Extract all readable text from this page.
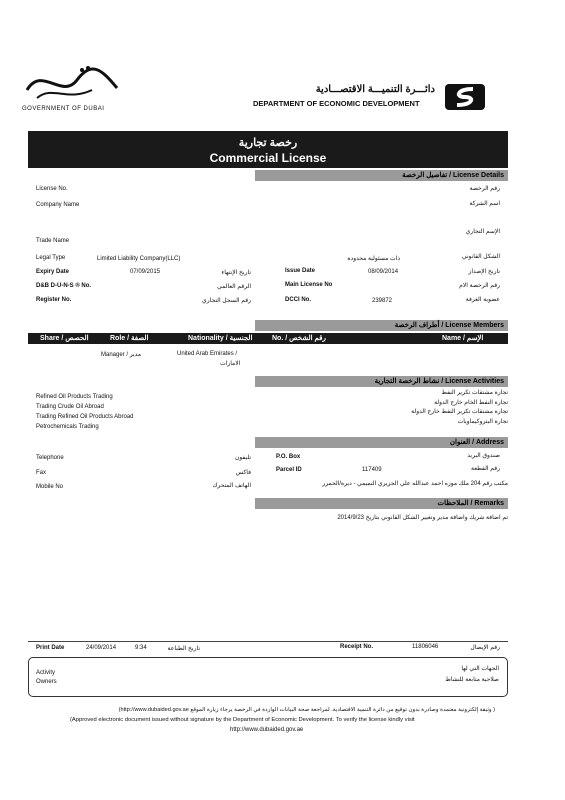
GOVERNMENT OF DUBAI
دائـــرة التنميـــة الاقتصـــادية
DEPARTMENT OF ECONOMIC DEVELOPMENT
رخصة تجارية
Commercial License
تفاصيل الرخصة / License Details
License No.	رقم الرخصة
Company Name	اسم الشركة
الإسم التجاري
Trade Name
Legal Type	Limited Liability Company(LLC)	ذات مسئولية محدودة	الشكل القانوني
Expiry Date	07/09/2015	تاريخ الإنتهاء	Issue Date	08/09/2014	تاريخ الإصدار
D&B D-U-N-S ® No.	الرقم العالمي	Main License No	رقم الرخصة الام
Register No.	رقم السجل التجاري	DCCI No.	239872	عضوية الغرفة
أطراف الرخصة / License Members
Share / الحصص	Role / الصفة	Nationality / الجنسية	No. / رقم الشخص	Name / الإسم
Manager / مدير	United Arab Emirates /
الامارات
نشاط الرخصة التجارية / License Activities
Refined Oil Products Trading
Trading Crude Oil Abroad
Trading Refined Oil Products Abroad
Petrochemicals Trading
تجارة مشتقات تكرير النفط
تجارة النفط الخام خارج الدولة
تجارة مشتقات تكرير النفط خارج الدولة
تجارة البتروكيماويات
العنوان / Address
Telephone	تليفون	P.O. Box	صندوق البريد
Fax	فاكس	Parcel ID	117409	رقم القطعة
Mobile No	الهاتف المتحرك	مكتب رقم 204 ملك موزه احمد عبدالله علي الجزيري التميمي - ديرة/الحمرر
الملاحظات / Remarks
تم اضافة شريك واضافة مدير وتغيير الشكل القانوني بتاريخ 2014/9/23
Print Date	24/09/2014	9:34	تاريخ الطباعة	Receipt No.	11806046	رقم الإيصال
Activity
Owners
الجهات التي لها
صلاحية متابعة للنشاط
( وثيقة إلكترونية معتمدة وصادرة بدون توقيع من دائرة التنمية الاقتصادية. لمراجعة صحة البيانات الواردة في الرخصة يرجاء زيارة الموقع http://www.dubaided.gov.ae)
(Approved electronic document issued without signature by the Department of Economic Development. To verify the license kindly visit
http://www.dubaided.gov.ae
